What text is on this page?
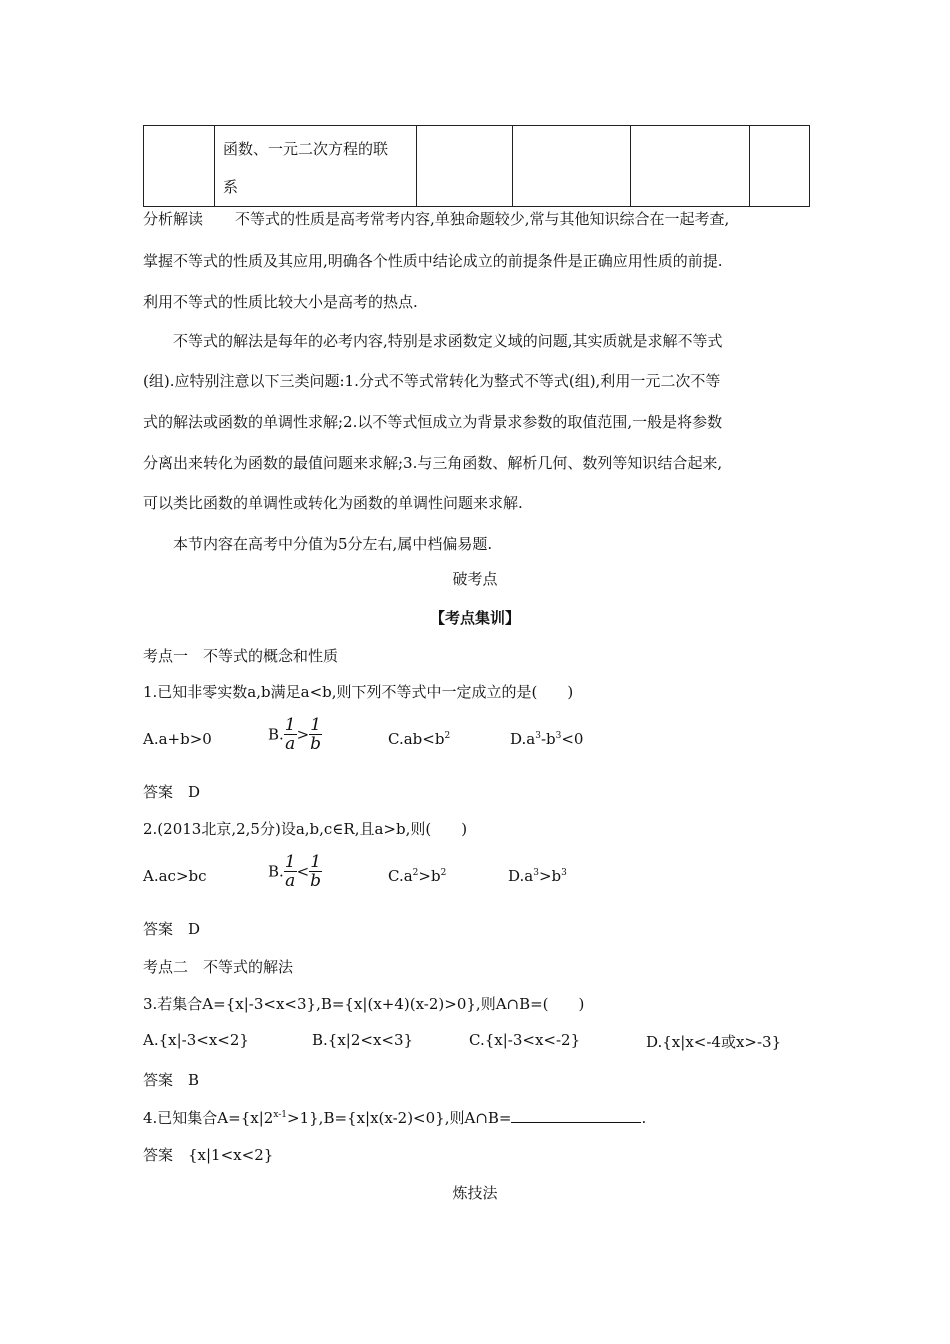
函数、一元二次方程的联
系

分析解读 不等式的性质是高考常考内容,单独命题较少,常与其他知识综合在一起考查,
掌握不等式的性质及其应用,明确各个性质中结论成立的前提条件是正确应用性质的前提.
利用不等式的性质比较大小是高考的热点.
不等式的解法是每年的必考内容,特别是求函数定义域的问题,其实质就是求解不等式
(组).应特别注意以下三类问题:1.分式不等式常转化为整式不等式(组),利用一元二次不等
式的解法或函数的单调性求解;2.以不等式恒成立为背景求参数的取值范围,一般是将参数
分离出来转化为函数的最值问题来求解;3.与三角函数、解析几何、数列等知识结合起来,
可以类比函数的单调性或转化为函数的单调性问题来求解.
本节内容在高考中分值为5分左右,属中档偏易题.
破考点
【考点集训】
考点一　不等式的概念和性质
1.已知非零实数a,b满足a<b,则下列不等式中一定成立的是(　　)
A.a+b>0	B. $\frac{1}{a} > \frac{1}{b}$	$C.ab<b^2$	$D.a^3-b^3<0$
答案　D
2.(2013北京,2,5分)设a,b,c∈R,且a>b,则(　　)
A.ac>bc	B. $\frac{1}{a} < \frac{1}{b}$	$C.a^2>b^2$	$D.a^3>b^3$
答案　D
考点二　不等式的解法
3.若集合A={x|-3<x<3},B={x|(x+4)(x-2)>0},则A∩B=(　　)
A.{x|-3<x<2}	B.{x|2<x<3}	C.{x|-3<x<-2}	D.{x|x<-4或x>-3}
答案　B
4.已知集合$A=\{x|2^{x-1}>1\},B=\{x|x(x-2)<0\}$,则A∩B=	.
答案　{x|1<x<2}
炼技法
